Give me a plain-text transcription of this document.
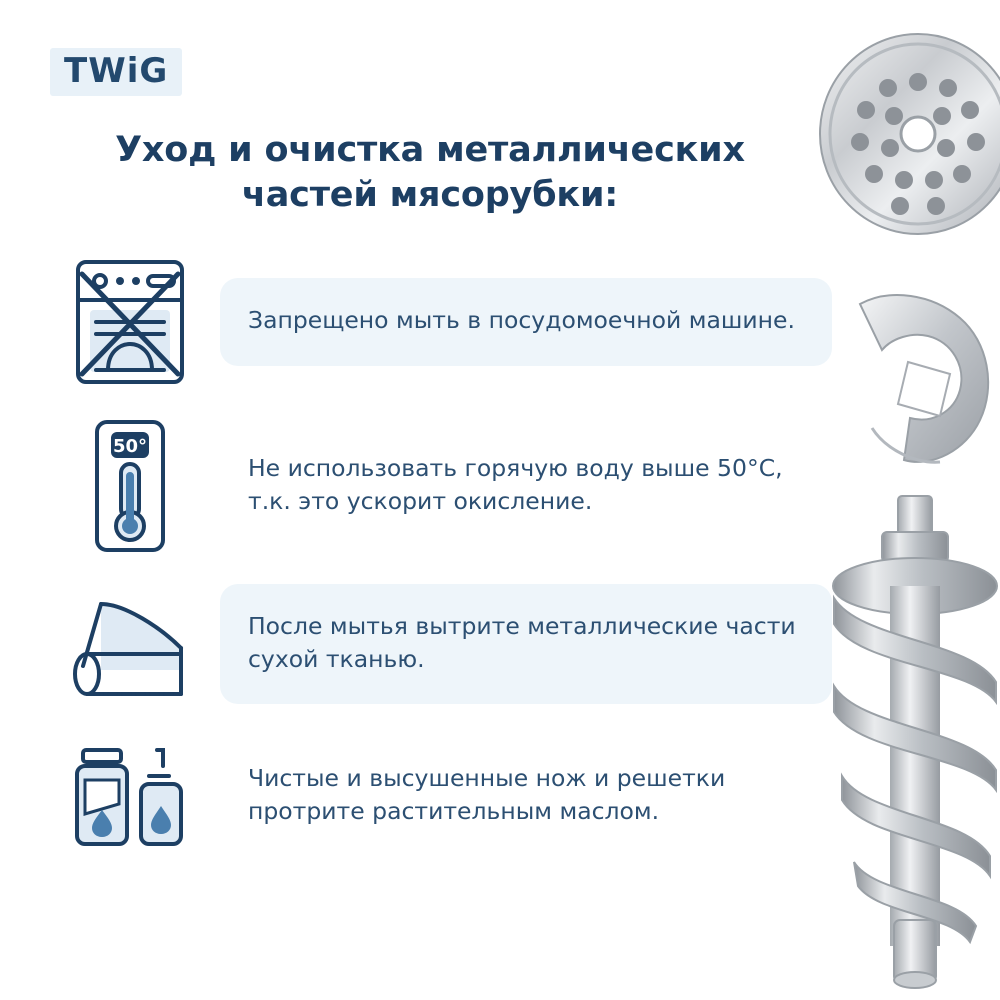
TWiG
Уход и очистка металлических частей мясорубки:
Запрещено мыть в посудомоечной машине.
50°
Не использовать горячую воду выше 50°C, т.к. это ускорит окисление.
После мытья вытрите металлические части сухой тканью.
Чистые и высушенные нож и решетки протрите растительным маслом.
